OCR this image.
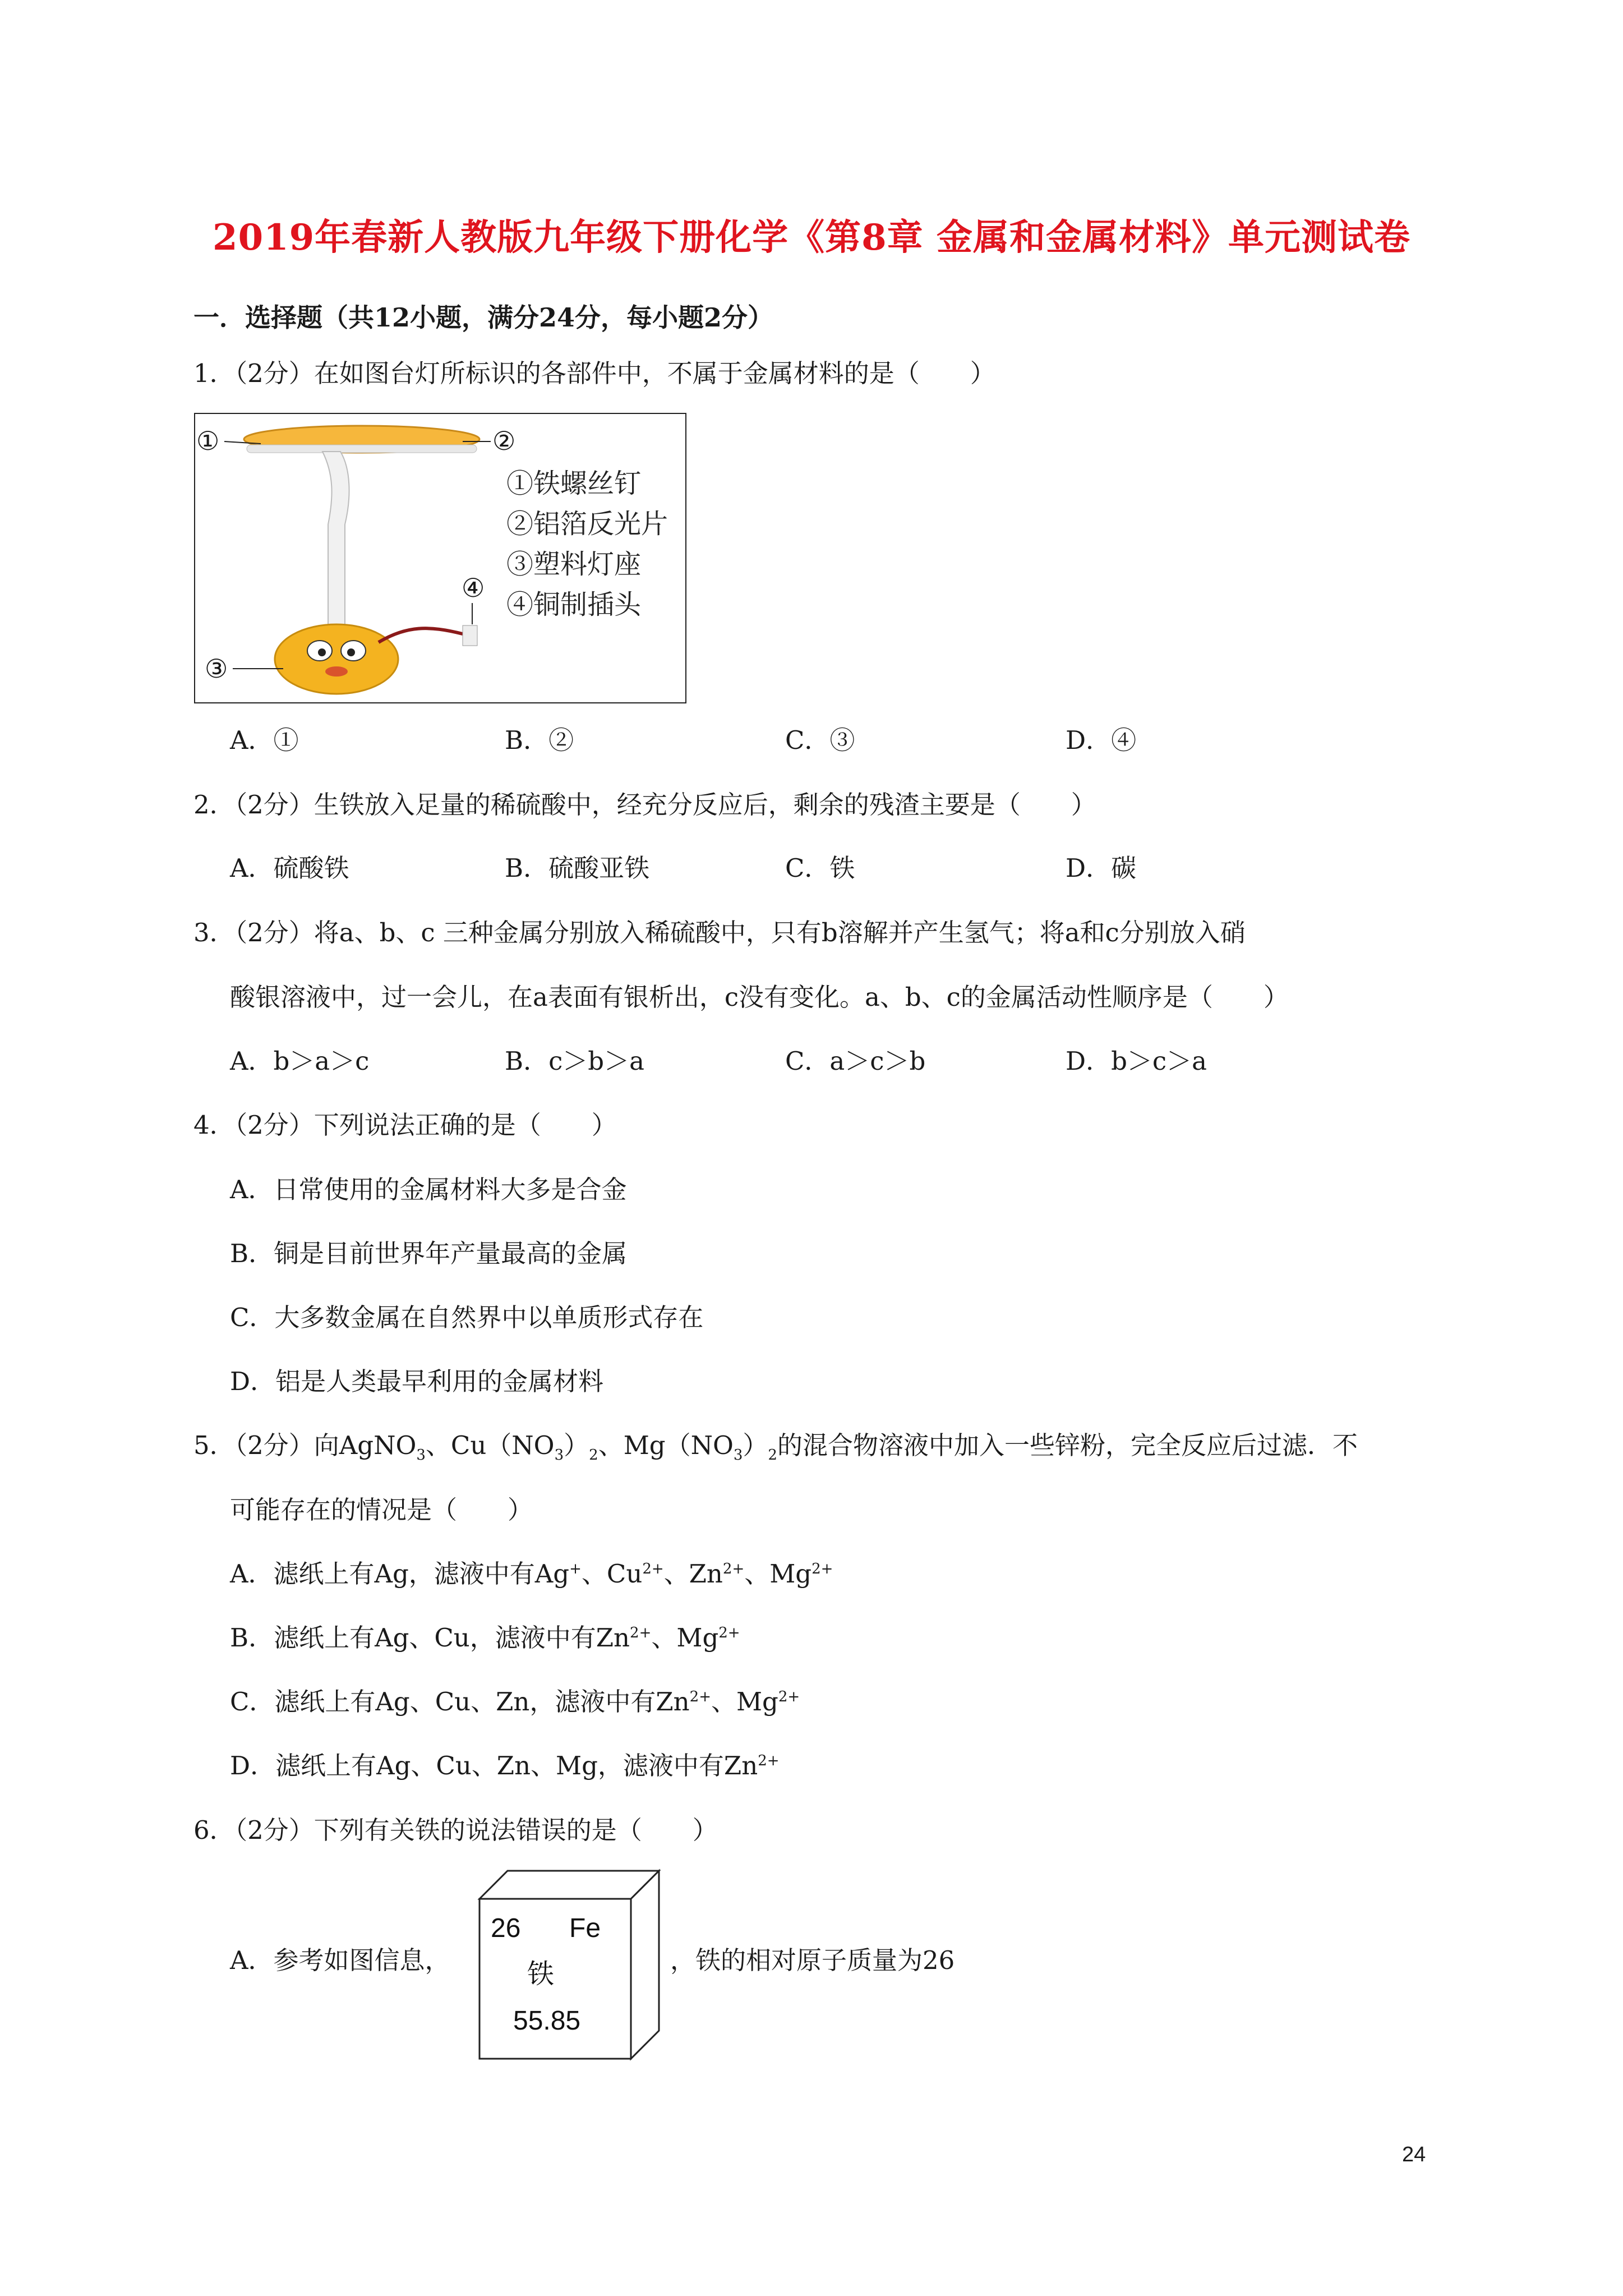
2019年春新人教版九年级下册化学《第8章 金属和金属材料》单元测试卷
一．选择题（共12小题，满分24分，每小题2分）
1．（2分）在如图台灯所标识的各部件中，不属于金属材料的是（　　）
①	②
③
④
①铁螺丝钉
②铝箔反光片
③塑料灯座
④铜制插头
A．①	B．②	C．③	D．④
2．（2分）生铁放入足量的稀硫酸中，经充分反应后，剩余的残渣主要是（　　）
A．硫酸铁	B．硫酸亚铁	C．铁	D．碳
3．（2分）将a、b、c 三种金属分别放入稀硫酸中，只有b溶解并产生氢气；将a和c分别放入硝
酸银溶液中，过一会儿，在a表面有银析出，c没有变化。a、b、c的金属活动性顺序是（　　）
A．b＞a＞c	B．c＞b＞a	C．a＞c＞b	D．b＞c＞a
4．（2分）下列说法正确的是（　　）
A．日常使用的金属材料大多是合金
B．铜是目前世界年产量最高的金属
C．大多数金属在自然界中以单质形式存在
D．铝是人类最早利用的金属材料
5．（2分）向AgNO$_3$、$Cu(NO_3)_2$、$Mg(NO_3)_2$的混合物溶液中加入一些锌粉，完全反应后过滤．不
可能存在的情况是（　　）
A．滤纸上有Ag，滤液中有Ag+、$Cu^{2+}$、$Zn^{2+}$、$Mg^{2+}$
B．滤纸上有Ag、Cu，滤液中有$Zn^{2+}$、$Mg^{2+}$
C．滤纸上有Ag、Cu、Zn，滤液中有$Zn^{2+}$、$Mg^{2+}$
D．滤纸上有Ag、Cu、Zn、Mg，滤液中有$Zn^{2+}$
6．（2分）下列有关铁的说法错误的是（　　）
A．参考如图信息，
26 Fe
铁
55.85
，铁的相对原子质量为26
24
